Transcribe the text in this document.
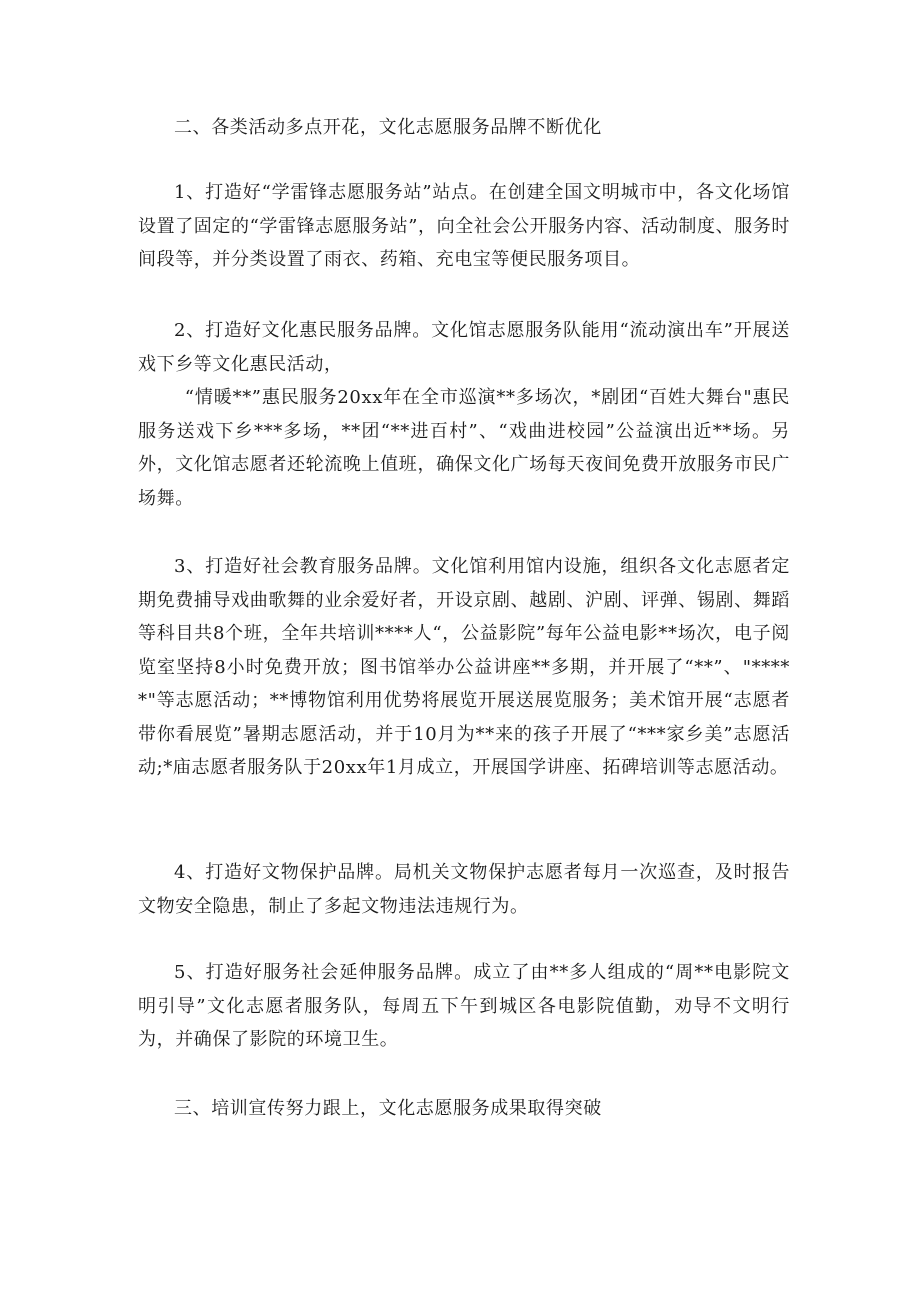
二、各类活动多点开花，文化志愿服务品牌不断优化

1、打造好“学雷锋志愿服务站”站点。在创建全国文明城市中，各文化场馆设置了固定的“学雷锋志愿服务站”，向全社会公开服务内容、活动制度、服务时间段等，并分类设置了雨衣、药箱、充电宝等便民服务项目。

2、打造好文化惠民服务品牌。文化馆志愿服务队能用“流动演出车”开展送戏下乡等文化惠民活动，

“情暖**”惠民服务20xx年在全市巡演**多场次，*剧团“百姓大舞台"惠民服务送戏下乡***多场，**团“**进百村”、“戏曲进校园”公益演出近**场。另外，文化馆志愿者还轮流晚上值班，确保文化广场每天夜间免费开放服务市民广场舞。

3、打造好社会教育服务品牌。文化馆利用馆内设施，组织各文化志愿者定期免费捕导戏曲歌舞的业余爱好者，开设京剧、越剧、沪剧、评弹、锡剧、舞蹈等科目共8个班，全年共培训****人“，公益影院”每年公益电影**场次，电子阅览室坚持8小时免费开放；图书馆举办公益讲座**多期，并开展了“**”、"*****"等志愿活动；**博物馆利用优势将展览开展送展览服务；美术馆开展“志愿者带你看展览”暑期志愿活动，并于10月为**来的孩子开展了“***家乡美”志愿活动;*庙志愿者服务队于20xx年1月成立，开展国学讲座、拓碑培训等志愿活动。

4、打造好文物保护品牌。局机关文物保护志愿者每月一次巡查，及时报告文物安全隐患，制止了多起文物违法违规行为。

5、打造好服务社会延伸服务品牌。成立了由**多人组成的“周**电影院文明引导”文化志愿者服务队，每周五下午到城区各电影院值勤，劝导不文明行为，并确保了影院的环境卫生。

三、培训宣传努力跟上，文化志愿服务成果取得突破
